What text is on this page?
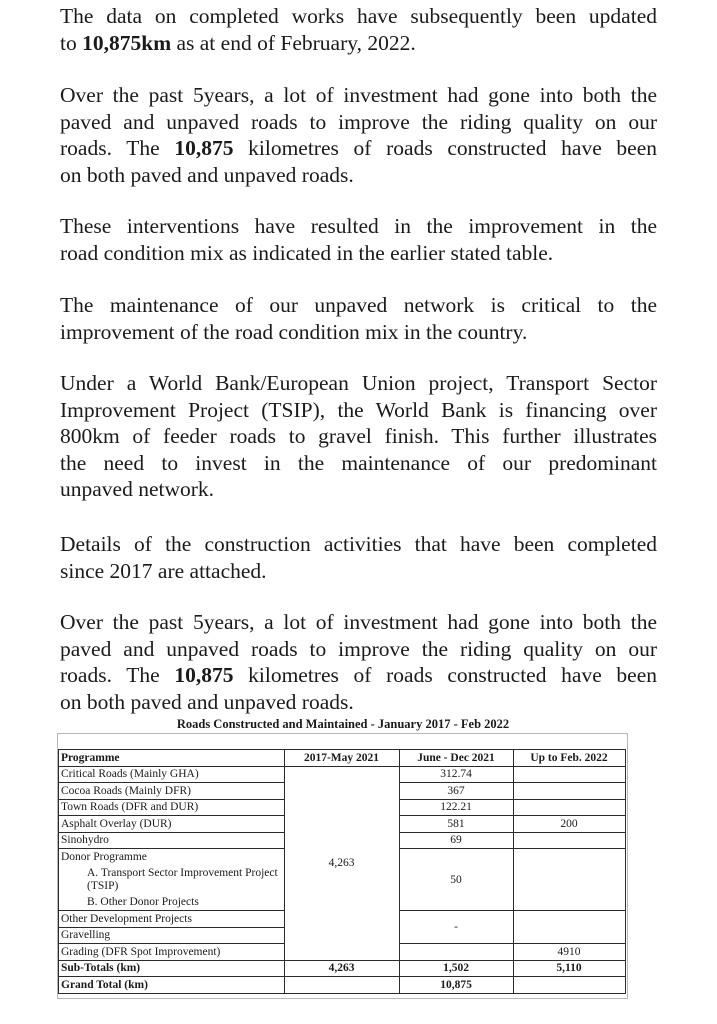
The data on completed works have subsequently been updated
to 10,875km as at end of February, 2022.
Over the past 5years, a lot of investment had gone into both the
paved and unpaved roads to improve the riding quality on our
roads. The 10,875 kilometres of roads constructed have been
on both paved and unpaved roads.
These interventions have resulted in the improvement in the
road condition mix as indicated in the earlier stated table.
The maintenance of our unpaved network is critical to the
improvement of the road condition mix in the country.
Under a World Bank/European Union project, Transport Sector
Improvement Project (TSIP), the World Bank is financing over
800km of feeder roads to gravel finish. This further illustrates
the need to invest in the maintenance of our predominant
unpaved network.
Details of the construction activities that have been completed
since 2017 are attached.
Over the past 5years, a lot of investment had gone into both the
paved and unpaved roads to improve the riding quality on our
roads. The 10,875 kilometres of roads constructed have been
on both paved and unpaved roads.
Roads Constructed and Maintained - January 2017 - Feb 2022
Programme	2017-May 2021	June - Dec 2021	Up to Feb. 2022
Critical Roads (Mainly GHA)	4,263	312.74	
Cocoa Roads (Mainly DFR)		367	
Town Roads (DFR and DUR)		122.21	
Asphalt Overlay (DUR)		581	200
Sinohydro		69	
Donor Programme		50	
A. Transport Sector Improvement Project (TSIP)			
B. Other Donor Projects			
Other Development Projects		-	
Gravelling			
Grading (DFR Spot Improvement)			4910
Sub-Totals (km)	4,263	1,502	5,110
Grand Total (km)		10,875	
